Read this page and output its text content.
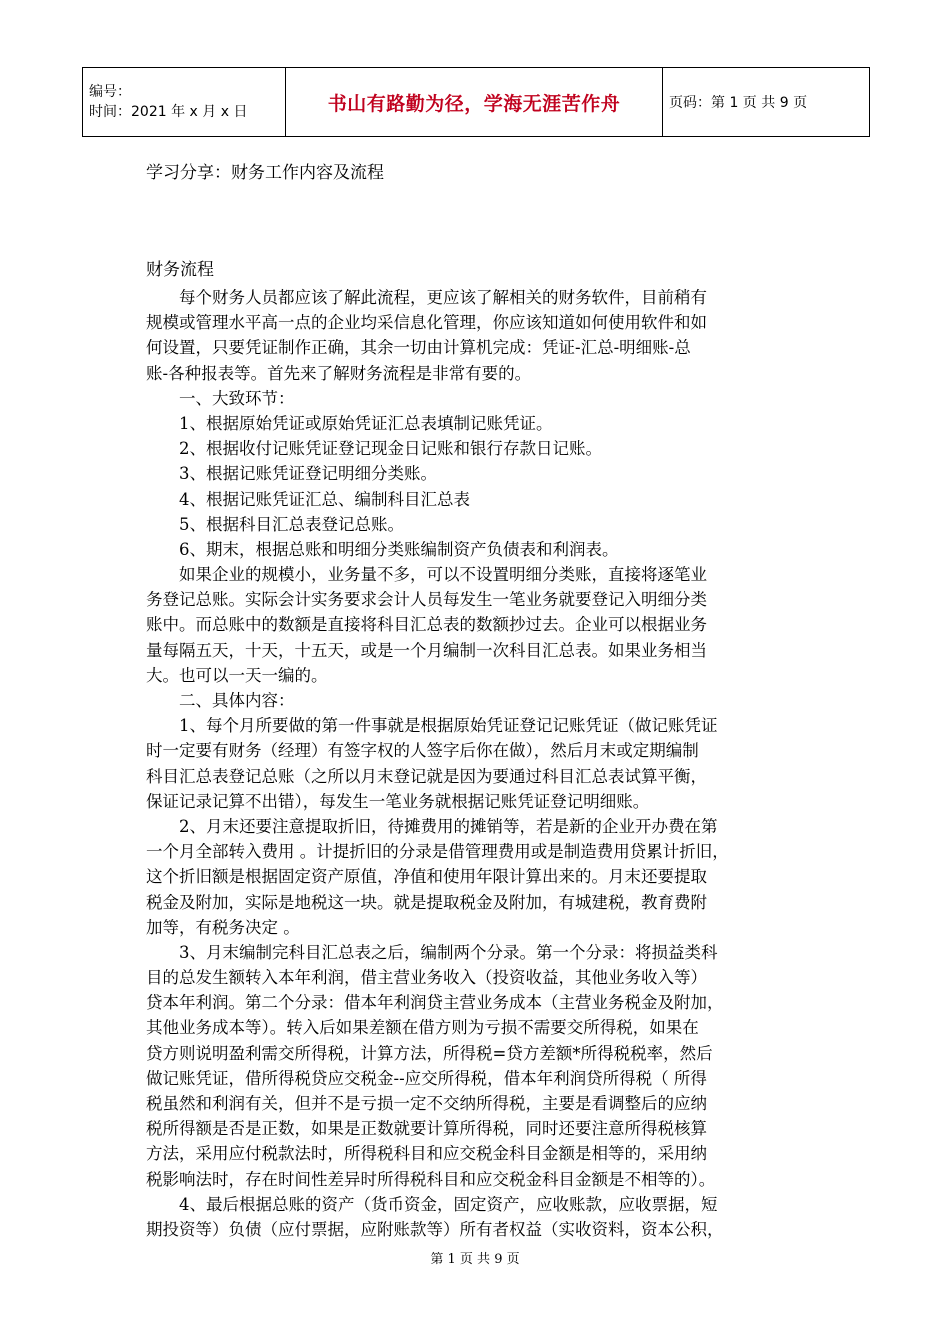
编号：
时间：2021 年 x 月 x 日	书山有路勤为径，学海无涯苦作舟	页码：第 1 页 共 9 页
学习分享：财务工作内容及流程
财务流程
　　每个财务人员都应该了解此流程，更应该了解相关的财务软件，目前稍有
规模或管理水平高一点的企业均采信息化管理，你应该知道如何使用软件和如
何设置，只要凭证制作正确，其余一切由计算机完成：凭证-汇总-明细账-总
账-各种报表等。首先来了解财务流程是非常有要的。
　　一、大致环节：
　　1、根据原始凭证或原始凭证汇总表填制记账凭证。
　　2、根据收付记账凭证登记现金日记账和银行存款日记账。
　　3、根据记账凭证登记明细分类账。
　　4、根据记账凭证汇总、编制科目汇总表
　　5、根据科目汇总表登记总账。
　　6、期末，根据总账和明细分类账编制资产负债表和利润表。
　　如果企业的规模小，业务量不多，可以不设置明细分类账，直接将逐笔业
务登记总账。实际会计实务要求会计人员每发生一笔业务就要登记入明细分类
账中。而总账中的数额是直接将科目汇总表的数额抄过去。企业可以根据业务
量每隔五天，十天，十五天，或是一个月编制一次科目汇总表。如果业务相当
大。也可以一天一编的。
　　二、具体内容：
　　1、每个月所要做的第一件事就是根据原始凭证登记记账凭证（做记账凭证
时一定要有财务（经理）有签字权的人签字后你在做），然后月末或定期编制
科目汇总表登记总账（之所以月末登记就是因为要通过科目汇总表试算平衡，
保证记录记算不出错），每发生一笔业务就根据记账凭证登记明细账。
　　2、月末还要注意提取折旧，待摊费用的摊销等，若是新的企业开办费在第
一个月全部转入费用 。计提折旧的分录是借管理费用或是制造费用贷累计折旧，
这个折旧额是根据固定资产原值，净值和使用年限计算出来的。月末还要提取
税金及附加，实际是地税这一块。就是提取税金及附加，有城建税，教育费附
加等，有税务决定 。
　　3、月末编制完科目汇总表之后，编制两个分录。第一个分录：将损益类科
目的总发生额转入本年利润，借主营业务收入（投资收益，其他业务收入等）
贷本年利润。第二个分录：借本年利润贷主营业务成本（主营业务税金及附加，
其他业务成本等）。转入后如果差额在借方则为亏损不需要交所得税，如果在
贷方则说明盈利需交所得税，计算方法，所得税=贷方差额*所得税税率，然后
做记账凭证，借所得税贷应交税金--应交所得税，借本年利润贷所得税（ 所得
税虽然和利润有关，但并不是亏损一定不交纳所得税，主要是看调整后的应纳
税所得额是否是正数，如果是正数就要计算所得税，同时还要注意所得税核算
方法，采用应付税款法时，所得税科目和应交税金科目金额是相等的，采用纳
税影响法时，存在时间性差异时所得税科目和应交税金科目金额是不相等的）。
　　4、最后根据总账的资产（货币资金，固定资产，应收账款，应收票据，短
期投资等）负债（应付票据，应附账款等）所有者权益（实收资料，资本公积，
第 1 页 共 9 页
